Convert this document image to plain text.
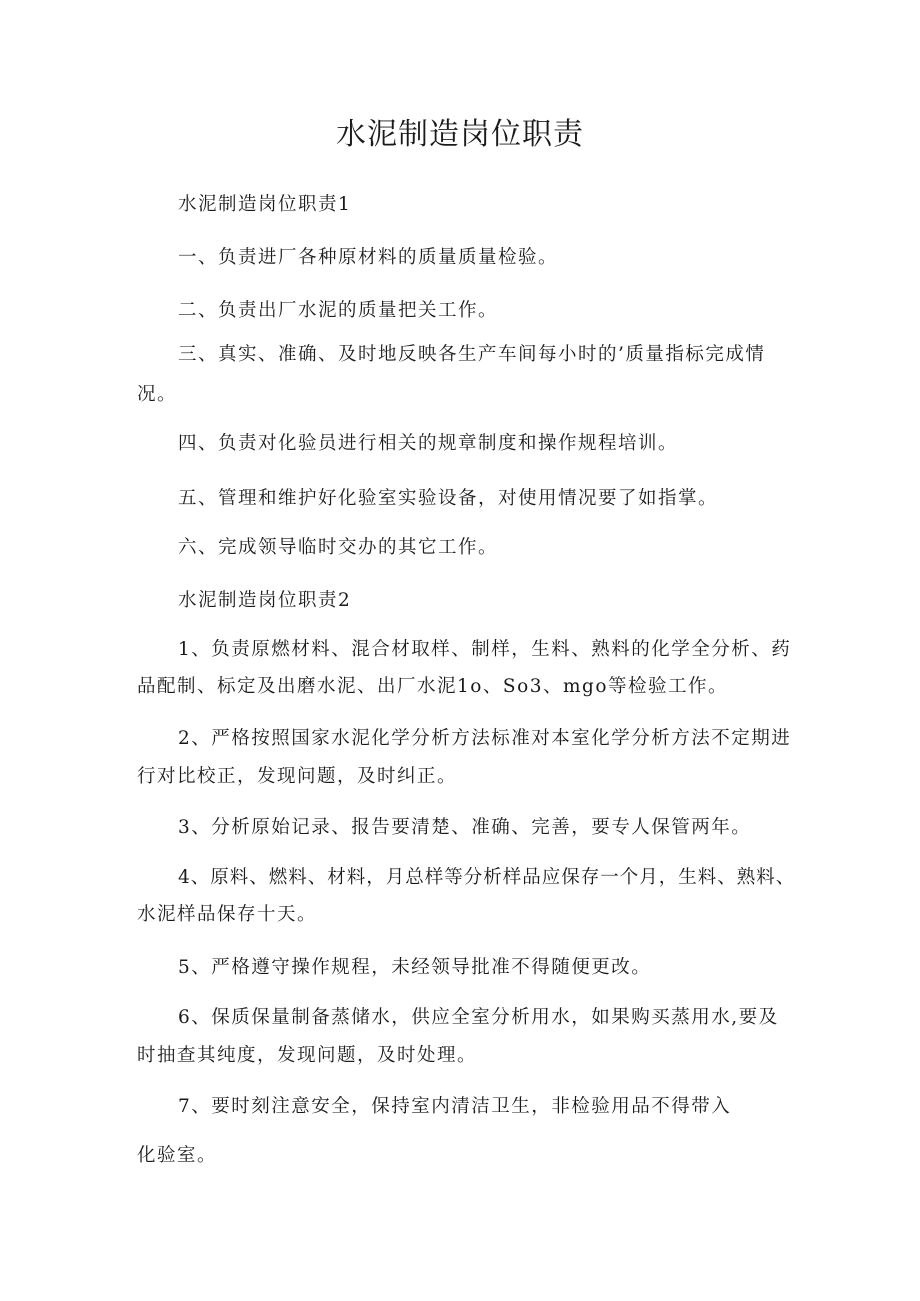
水泥制造岗位职责
水泥制造岗位职责1
一、负责进厂各种原材料的质量质量检验。
二、负责出厂水泥的质量把关工作。
三、真实、准确、及时地反映各生产车间每小时的’质量指标完成情
况。
四、负责对化验员进行相关的规章制度和操作规程培训。
五、管理和维护好化验室实验设备，对使用情况要了如指掌。
六、完成领导临时交办的其它工作。
水泥制造岗位职责2
1、负责原燃材料、混合材取样、制样，生料、熟料的化学全分析、药
品配制、标定及出磨水泥、出厂水泥1o、So3、mgo等检验工作。
2、严格按照国家水泥化学分析方法标准对本室化学分析方法不定期进
行对比校正，发现问题，及时纠正。
3、分析原始记录、报告要清楚、准确、完善，要专人保管两年。
4、原料、燃料、材料，月总样等分析样品应保存一个月，生料、熟料、
水泥样品保存十天。
5、严格遵守操作规程，未经领导批准不得随便更改。
6、保质保量制备蒸储水，供应全室分析用水，如果购买蒸用水,要及
时抽查其纯度，发现问题，及时处理。
7、要时刻注意安全，保持室内清洁卫生，非检验用品不得带入
化验室。
